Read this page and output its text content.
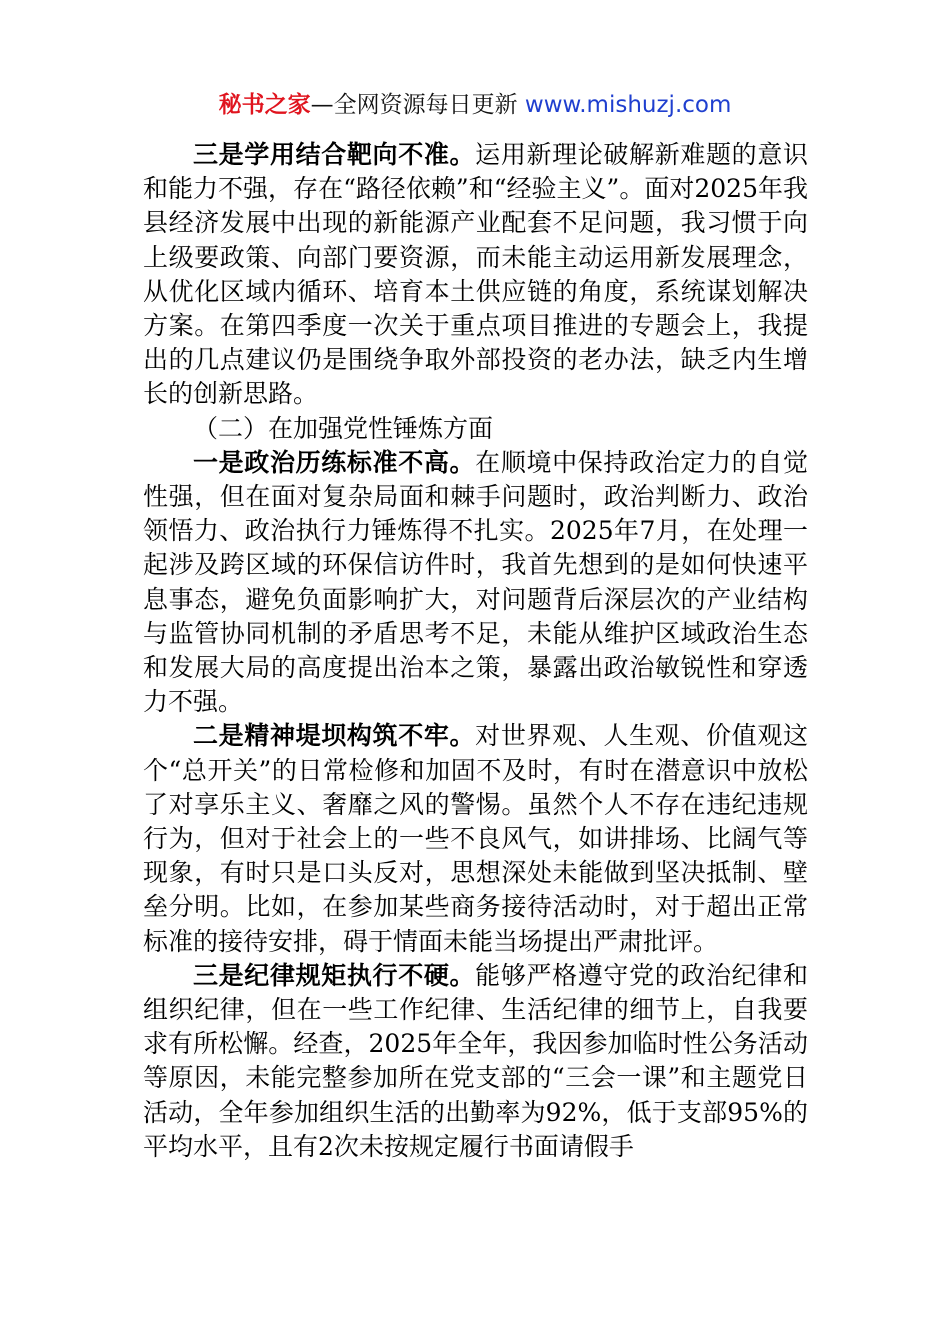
秘书之家—全网资源每日更新 www.mishuzj.com

三是学用结合靶向不准。运用新理论破解新难题的意识和能力不强，存在“路径依赖”和“经验主义”。面对2025年我县经济发展中出现的新能源产业配套不足问题，我习惯于向上级要政策、向部门要资源，而未能主动运用新发展理念，从优化区域内循环、培育本土供应链的角度，系统谋划解决方案。在第四季度一次关于重点项目推进的专题会上，我提出的几点建议仍是围绕争取外部投资的老办法，缺乏内生增长的创新思路。

（二）在加强党性锤炼方面

一是政治历练标准不高。在顺境中保持政治定力的自觉性强，但在面对复杂局面和棘手问题时，政治判断力、政治领悟力、政治执行力锤炼得不扎实。2025年7月，在处理一起涉及跨区域的环保信访件时，我首先想到的是如何快速平息事态，避免负面影响扩大，对问题背后深层次的产业结构与监管协同机制的矛盾思考不足，未能从维护区域政治生态和发展大局的高度提出治本之策，暴露出政治敏锐性和穿透力不强。

二是精神堤坝构筑不牢。对世界观、人生观、价值观这个“总开关”的日常检修和加固不及时，有时在潜意识中放松了对享乐主义、奢靡之风的警惕。虽然个人不存在违纪违规行为，但对于社会上的一些不良风气，如讲排场、比阔气等现象，有时只是口头反对，思想深处未能做到坚决抵制、壁垒分明。比如，在参加某些商务接待活动时，对于超出正常标准的接待安排，碍于情面未能当场提出严肃批评。

三是纪律规矩执行不硬。能够严格遵守党的政治纪律和组织纪律，但在一些工作纪律、生活纪律的细节上，自我要求有所松懈。经查，2025年全年，我因参加临时性公务活动等原因，未能完整参加所在党支部的“三会一课”和主题党日活动，全年参加组织生活的出勤率为92%，低于支部95%的平均水平，且有2次未按规定履行书面请假手
